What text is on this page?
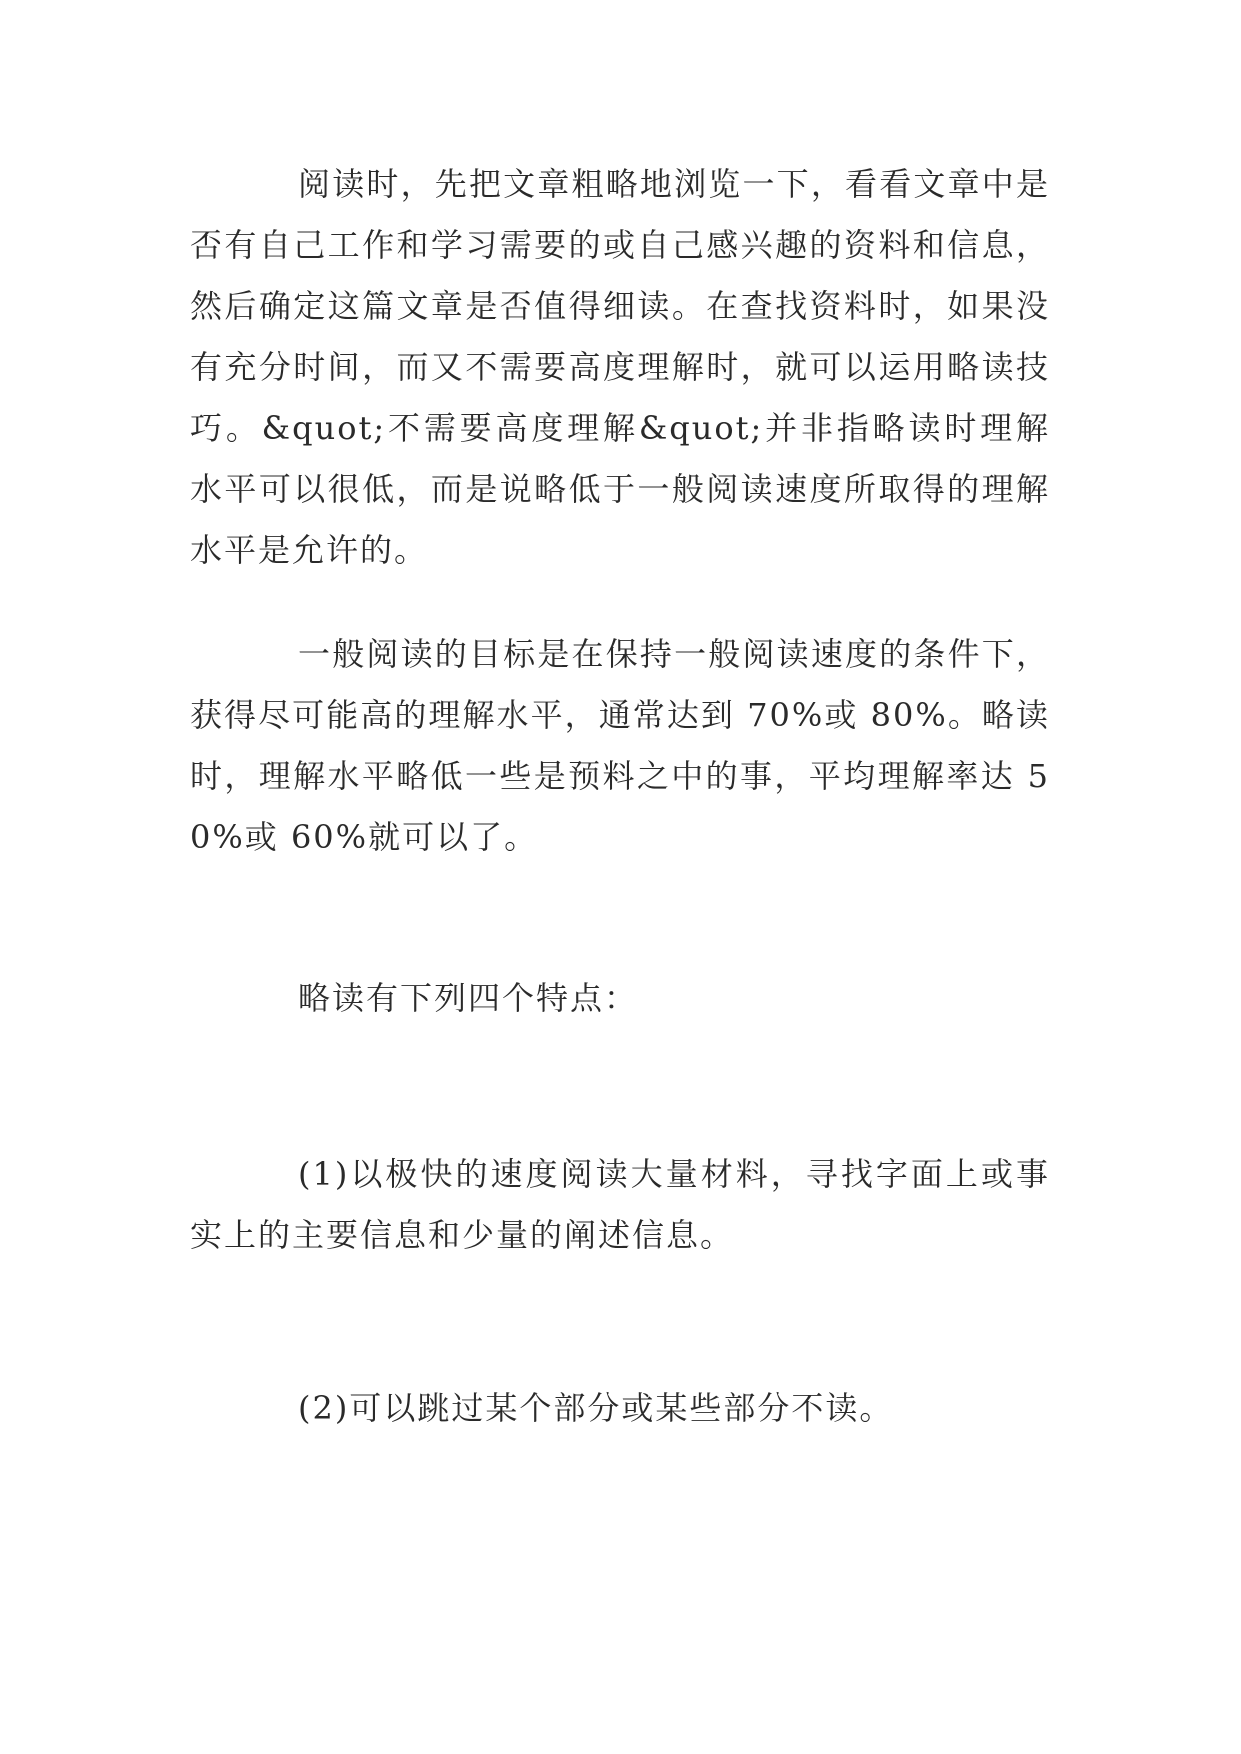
阅读时，先把文章粗略地浏览一下，看看文章中是否有自己工作和学习需要的或自己感兴趣的资料和信息，然后确定这篇文章是否值得细读。在查找资料时，如果没有充分时间，而又不需要高度理解时，就可以运用略读技巧。&quot;不需要高度理解&quot;并非指略读时理解水平可以很低，而是说略低于一般阅读速度所取得的理解水平是允许的。

一般阅读的目标是在保持一般阅读速度的条件下，获得尽可能高的理解水平，通常达到 70%或 80%。略读时，理解水平略低一些是预料之中的事，平均理解率达 50%或 60%就可以了。

略读有下列四个特点：

(1)以极快的速度阅读大量材料，寻找字面上或事实上的主要信息和少量的阐述信息。

(2)可以跳过某个部分或某些部分不读。
